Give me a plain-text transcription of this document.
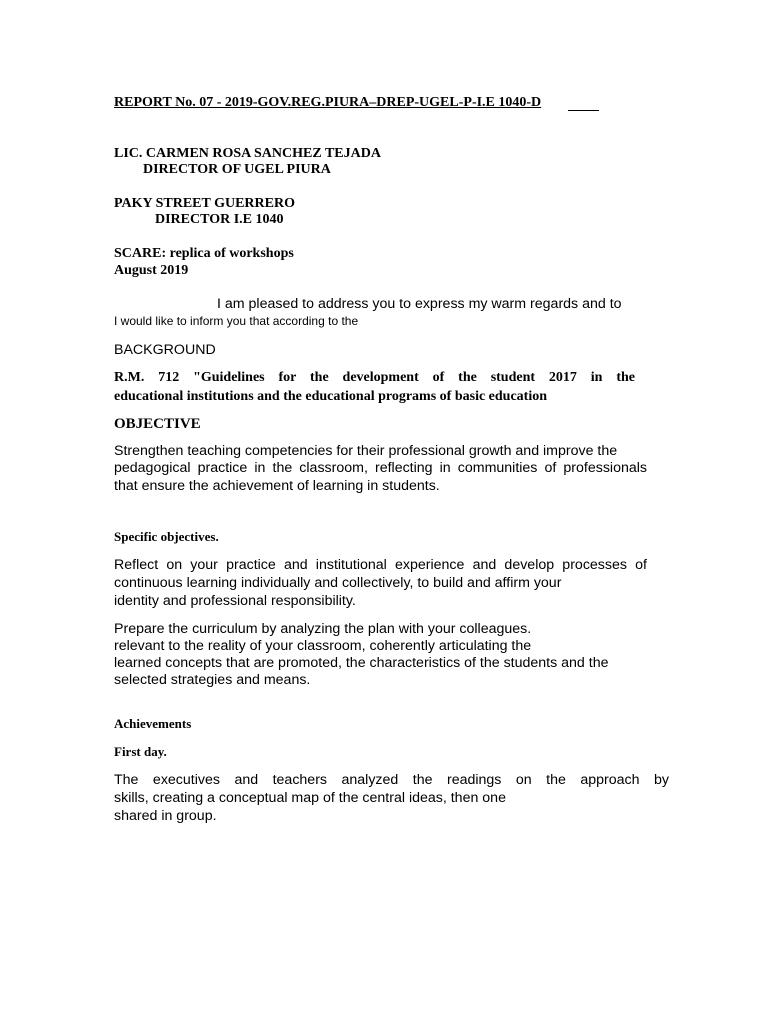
REPORT No. 07 - 2019-GOV.REG.PIURA–DREP-UGEL-P-I.E 1040-D
LIC. CARMEN ROSA SANCHEZ TEJADA
DIRECTOR OF UGEL PIURA
PAKY STREET GUERRERO
DIRECTOR I.E 1040
SCARE: replica of workshops
August 2019
I am pleased to address you to express my warm regards and to
I would like to inform you that according to the
BACKGROUND
R.M. 712 "Guidelines for the development of the student 2017 in the
educational institutions and the educational programs of basic education
OBJECTIVE
Strengthen teaching competencies for their professional growth and improve the
pedagogical practice in the classroom, reflecting in communities of professionals
that ensure the achievement of learning in students.
Specific objectives.
Reflect on your practice and institutional experience and develop processes of
continuous learning individually and collectively, to build and affirm your
identity and professional responsibility.
Prepare the curriculum by analyzing the plan with your colleagues.
relevant to the reality of your classroom, coherently articulating the
learned concepts that are promoted, the characteristics of the students and the
selected strategies and means.
Achievements
First day.
The executives and teachers analyzed the readings on the approach by
skills, creating a conceptual map of the central ideas, then one
shared in group.
